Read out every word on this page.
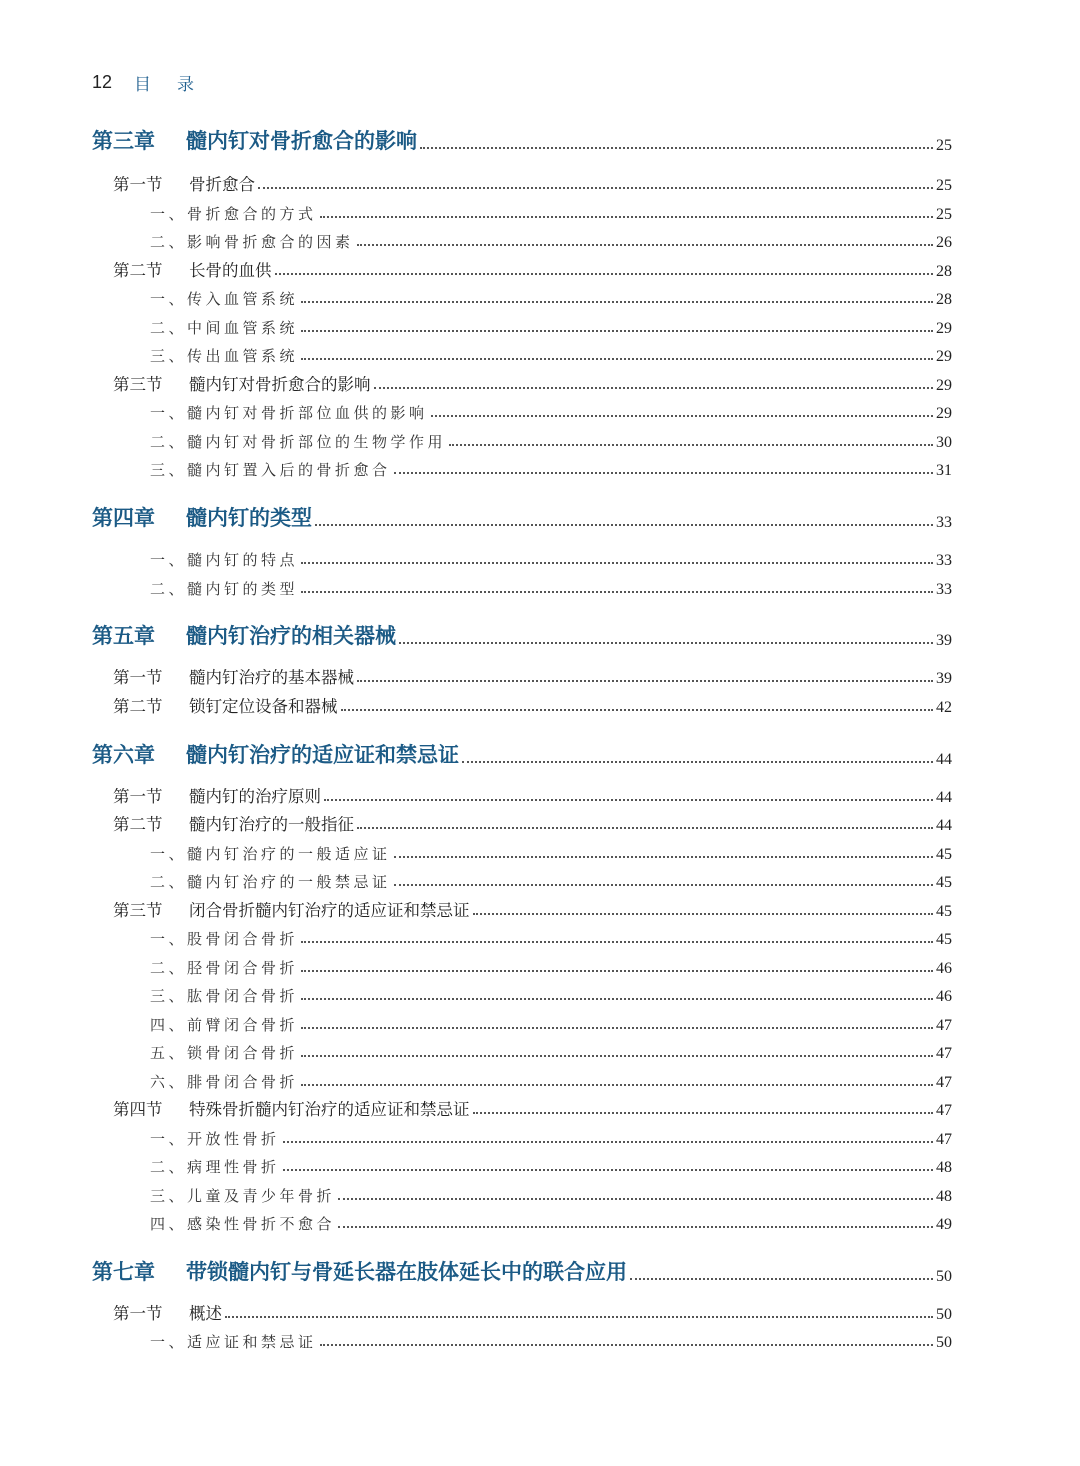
12 目录
第三章	髓内钉对骨折愈合的影响	25
第一节	骨折愈合	25
一、骨折愈合的方式	25
二、影响骨折愈合的因素	26
第二节	长骨的血供	28
一、传入血管系统	28
二、中间血管系统	29
三、传出血管系统	29
第三节	髓内钉对骨折愈合的影响	29
一、髓内钉对骨折部位血供的影响	29
二、髓内钉对骨折部位的生物学作用	30
三、髓内钉置入后的骨折愈合	31
第四章	髓内钉的类型	33
一、髓内钉的特点	33
二、髓内钉的类型	33
第五章	髓内钉治疗的相关器械	39
第一节	髓内钉治疗的基本器械	39
第二节	锁钉定位设备和器械	42
第六章	髓内钉治疗的适应证和禁忌证	44
第一节	髓内钉的治疗原则	44
第二节	髓内钉治疗的一般指征	44
一、髓内钉治疗的一般适应证	45
二、髓内钉治疗的一般禁忌证	45
第三节	闭合骨折髓内钉治疗的适应证和禁忌证	45
一、股骨闭合骨折	45
二、胫骨闭合骨折	46
三、肱骨闭合骨折	46
四、前臂闭合骨折	47
五、锁骨闭合骨折	47
六、腓骨闭合骨折	47
第四节	特殊骨折髓内钉治疗的适应证和禁忌证	47
一、开放性骨折	47
二、病理性骨折	48
三、儿童及青少年骨折	48
四、感染性骨折不愈合	49
第七章	带锁髓内钉与骨延长器在肢体延长中的联合应用	50
第一节	概述	50
一、适应证和禁忌证	50
